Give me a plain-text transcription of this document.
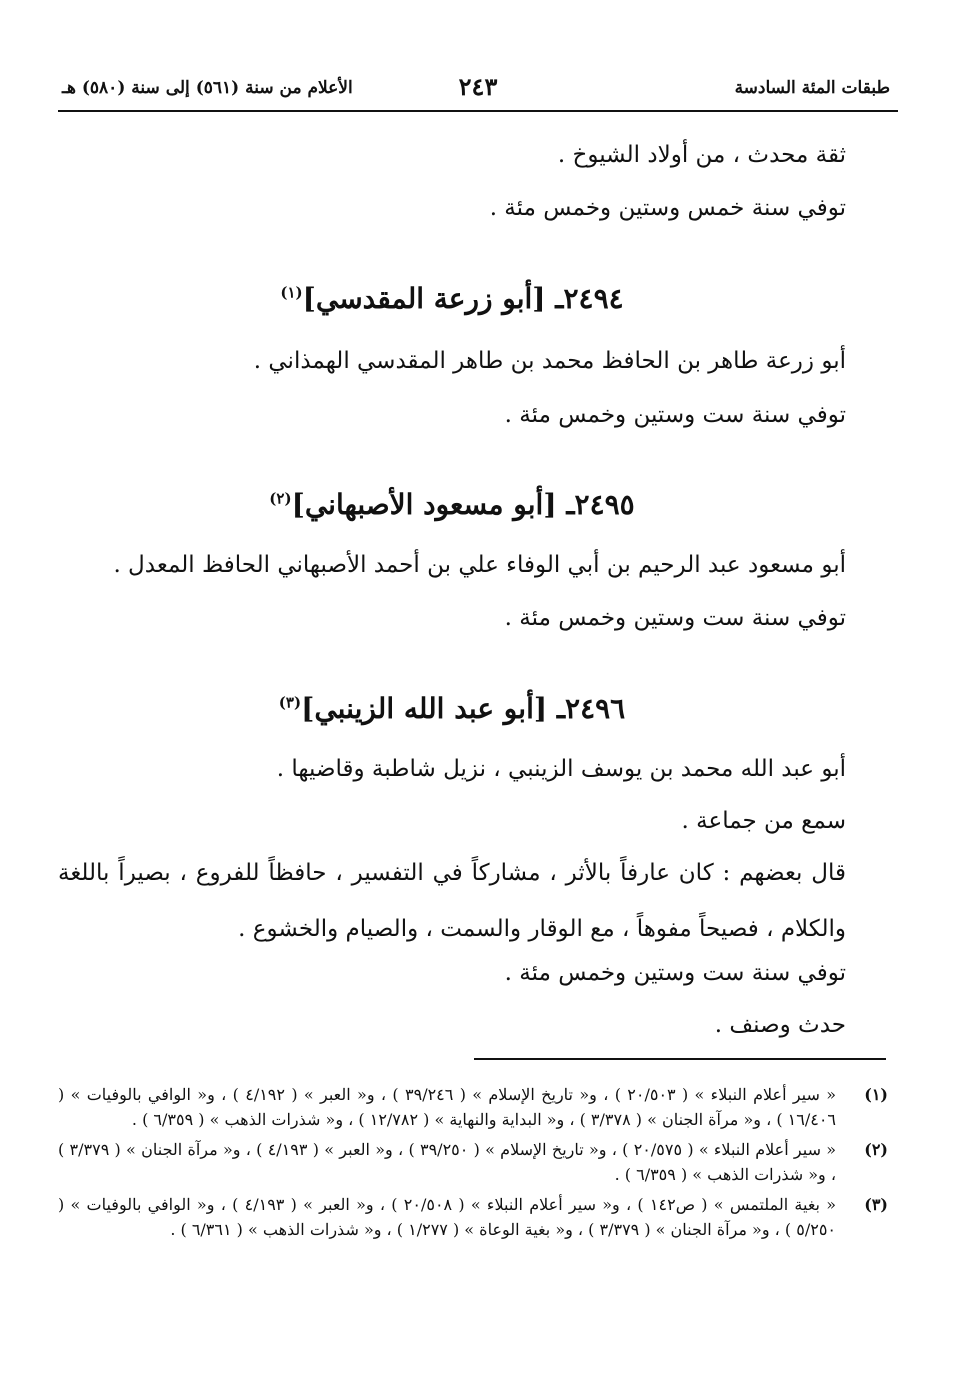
طبقات المئة السادسة
٢٤٣
الأعلام من سنة (٥٦١) إلى سنة (٥٨٠) هـ
ثقة محدث ، من أولاد الشيوخ .
توفي سنة خمس وستين وخمس مئة .
٢٤٩٤ـ [أبو زرعة المقدسي]$^{(١)}$
أبو زرعة طاهر بن الحافظ محمد بن طاهر المقدسي الهمذاني .
توفي سنة ست وستين وخمس مئة .
٢٤٩٥ـ [أبو مسعود الأصبهاني]$^{(٢)}$
أبو مسعود عبد الرحيم بن أبي الوفاء علي بن أحمد الأصبهاني الحافظ المعدل .
توفي سنة ست وستين وخمس مئة .
٢٤٩٦ـ [أبو عبد الله الزينبي]$^{(٣)}$
أبو عبد الله محمد بن يوسف الزينبي ، نزيل شاطبة وقاضيها .
سمع من جماعة .
قال بعضهم : كان عارفاً بالأثر ، مشاركاً في التفسير ، حافظاً للفروع ، بصيراً باللغة والكلام ، فصيحاً مفوهاً ، مع الوقار والسمت ، والصيام والخشوع .
توفي سنة ست وستين وخمس مئة .
حدث وصنف .
(١)
« سير أعلام النبلاء » ( ٢٠/٥٠٣ ) ، و« تاريخ الإسلام » ( ٣٩/٢٤٦ ) ، و« العبر » ( ٤/١٩٢ ) ، و« الوافي بالوفيات » ( ١٦/٤٠٦ ) ، و« مرآة الجنان » ( ٣/٣٧٨ ) ، و« البداية والنهاية » ( ١٢/٧٨٢ ) ، و« شذرات الذهب » ( ٦/٣٥٩ ) .
(٢)
« سير أعلام النبلاء » ( ٢٠/٥٧٥ ) ، و« تاريخ الإسلام » ( ٣٩/٢٥٠ ) ، و« العبر » ( ٤/١٩٣ ) ، و« مرآة الجنان » ( ٣/٣٧٩ ) ، و« شذرات الذهب » ( ٦/٣٥٩ ) .
(٣)
« بغية الملتمس » ( ص١٤٢ ) ، و« سير أعلام النبلاء » ( ٢٠/٥٠٨ ) ، و« العبر » ( ٤/١٩٣ ) ، و« الوافي بالوفيات » ( ٥/٢٥٠ ) ، و« مرآة الجنان » ( ٣/٣٧٩ ) ، و« بغية الوعاة » ( ١/٢٧٧ ) ، و« شذرات الذهب » ( ٦/٣٦١ ) .
